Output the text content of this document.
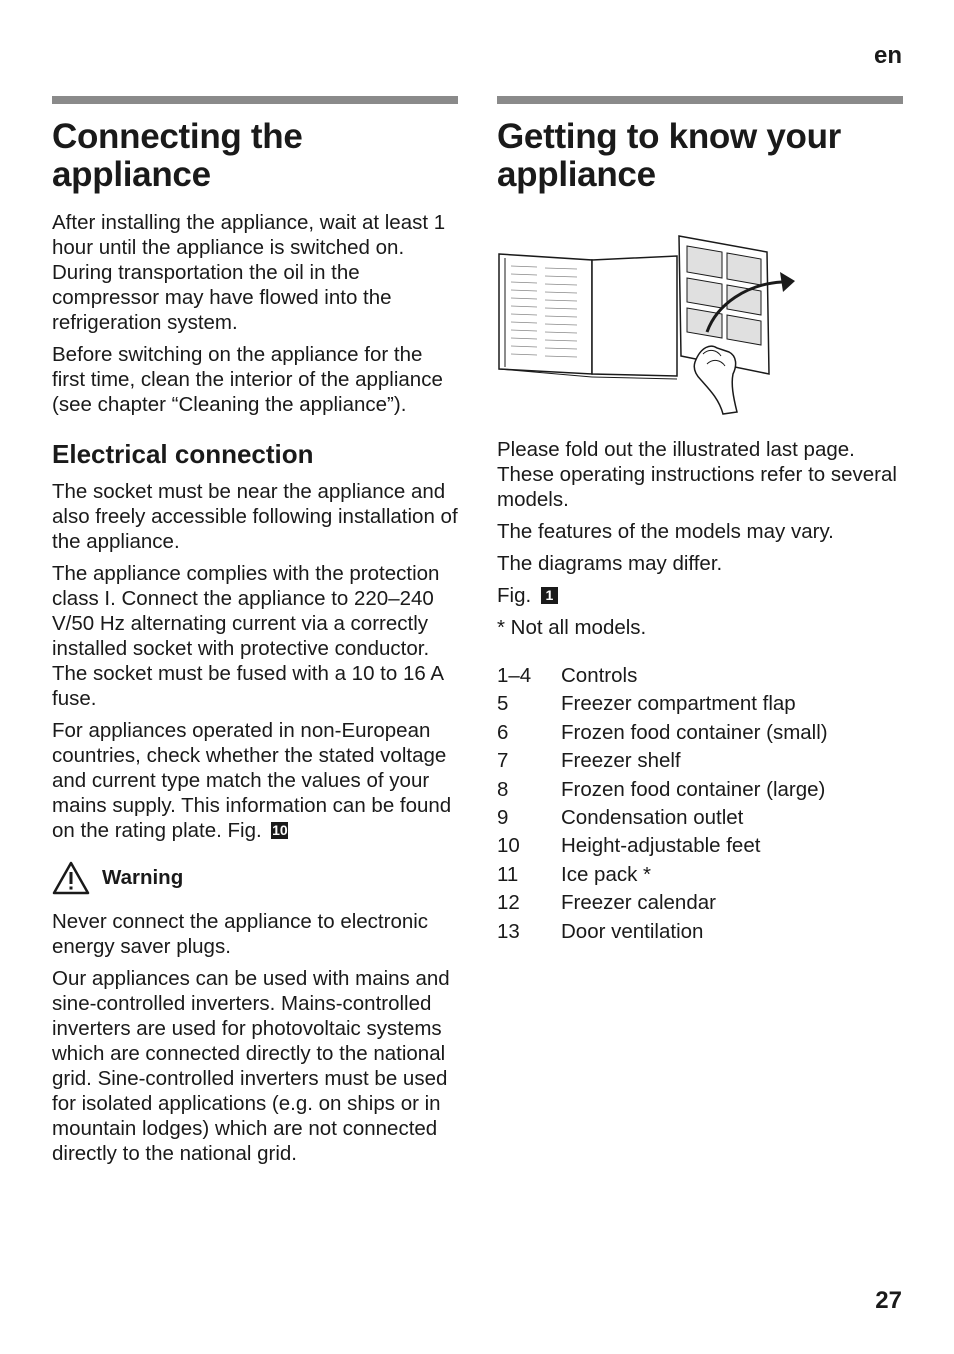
en
Connecting the appliance

After installing the appliance, wait at least 1 hour until the appliance is switched on. During transportation the oil in the compressor may have flowed into the refrigeration system.

Before switching on the appliance for the first time, clean the interior of the appliance (see chapter “Cleaning the appliance”).

Electrical connection

The socket must be near the appliance and also freely accessible following installation of the appliance.

The appliance complies with the protection class I. Connect the appliance to 220–240 V/50 Hz alternating current via a correctly installed socket with protective conductor. The socket must be fused with a 10 to 16 A fuse.

For appliances operated in non-European countries, check whether the stated voltage and current type match the values of your mains supply. This information can be found on the rating plate. Fig. 10

Warning

Never connect the appliance to electronic energy saver plugs.

Our appliances can be used with mains and sine-controlled inverters. Mains-controlled inverters are used for photovoltaic systems which are connected directly to the national grid. Sine-controlled inverters must be used for isolated applications (e.g. on ships or in mountain lodges) which are not connected directly to the national grid.

Getting to know your appliance

Please fold out the illustrated last page. These operating instructions refer to several models.

The features of the models may vary.

The diagrams may differ.

Fig. 1

* Not all models.

1–4	Controls
5	Freezer compartment flap
6	Frozen food container (small)
7	Freezer shelf
8	Frozen food container (large)
9	Condensation outlet
10	Height-adjustable feet
11	Ice pack *
12	Freezer calendar
13	Door ventilation
27
